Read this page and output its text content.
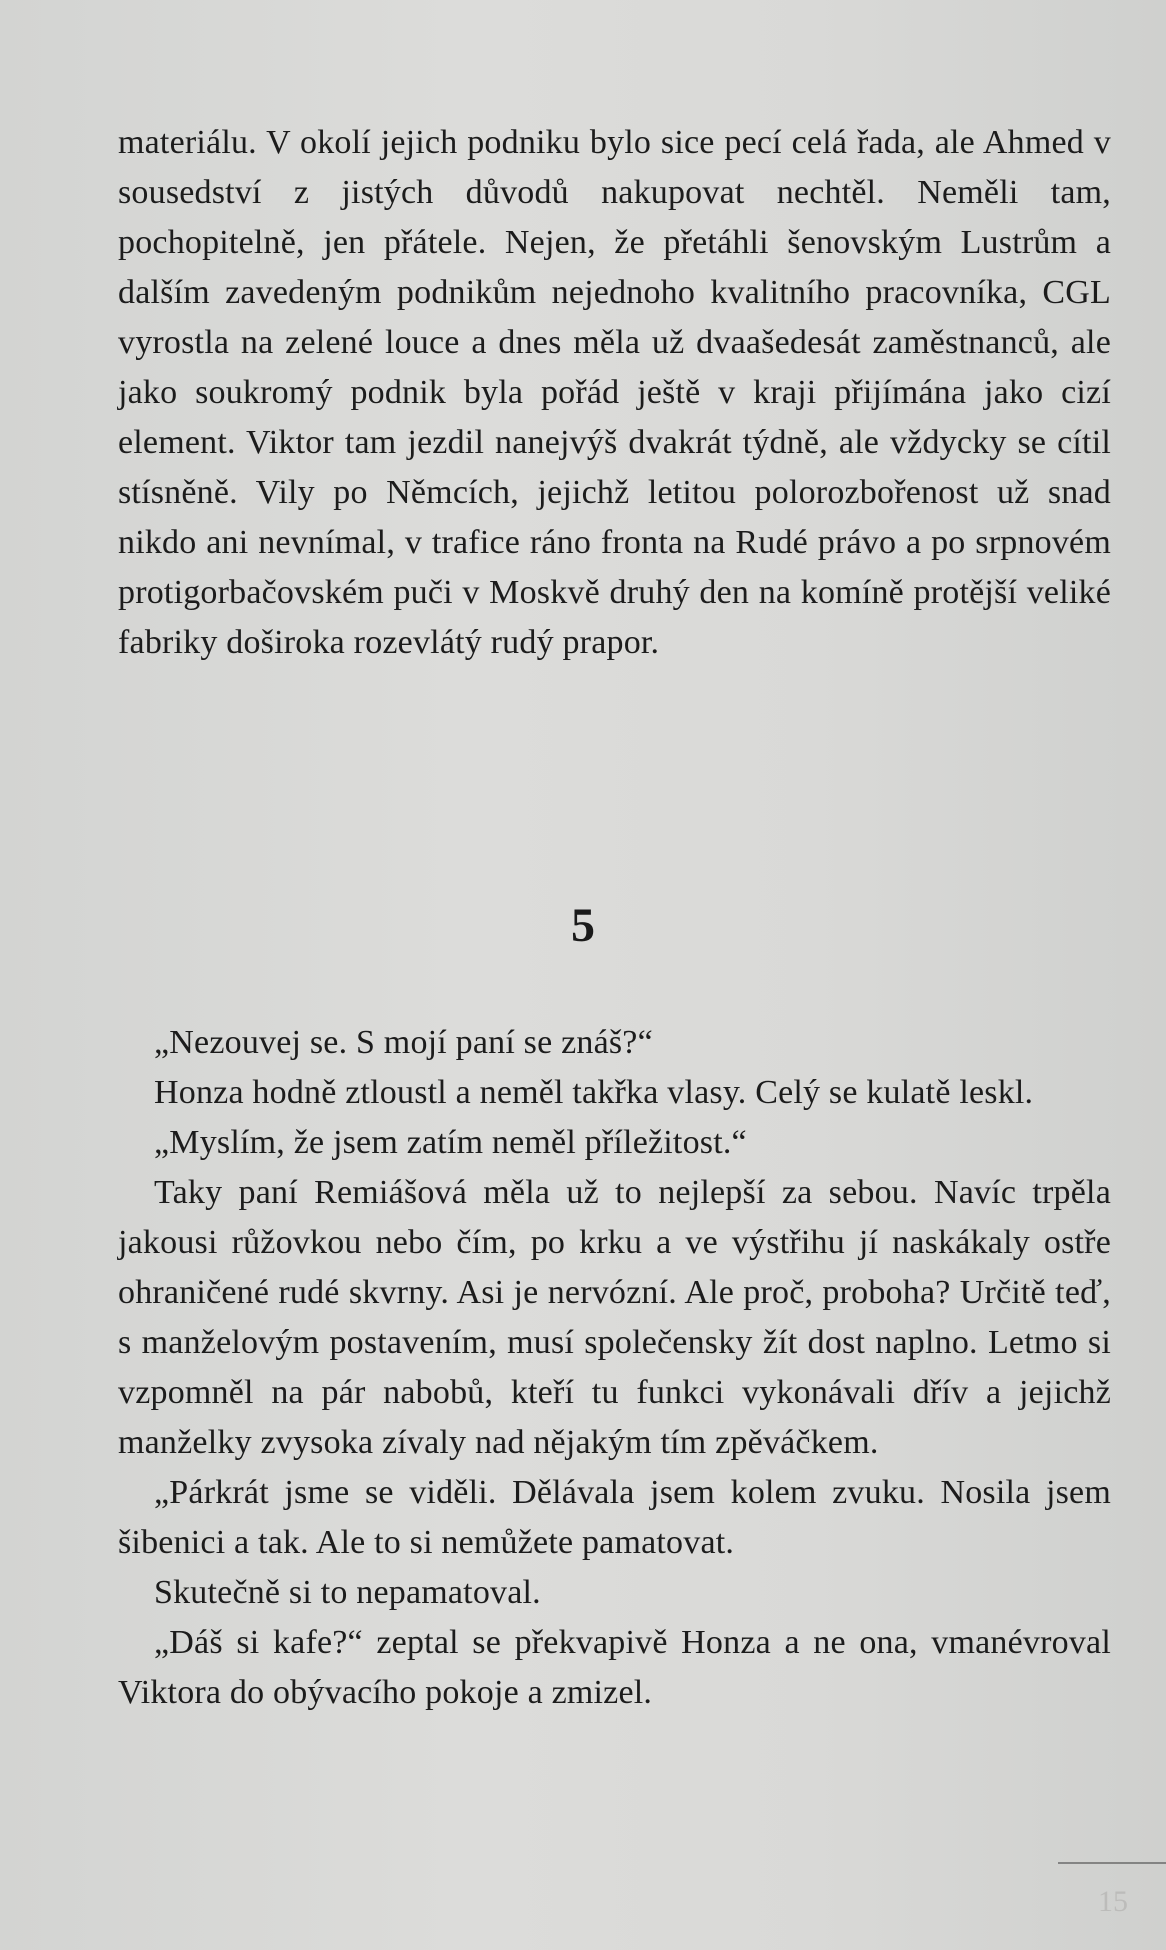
materiálu. V okolí jejich podniku bylo sice pecí celá řada, ale Ahmed v sousedství z jistých důvodů nakupovat nechtěl. Neměli tam, pochopitelně, jen přátele. Nejen, že přetáhli šenovským Lustrům a dalším zavedeným podnikům nejednoho kvalitního pracovníka, CGL vyrostla na zelené louce a dnes měla už dvaašedesát zaměstnanců, ale jako soukromý podnik byla pořád ještě v kraji přijímána jako cizí element. Viktor tam jezdil nanejvýš dvakrát týdně, ale vždycky se cítil stísněně. Vily po Němcích, jejichž letitou polorozbořenost už snad nikdo ani nevnímal, v trafice ráno fronta na Rudé právo a po srpnovém protigorbačovském puči v Moskvě druhý den na komíně protější veliké fabriky doširoka rozevlátý rudý prapor.

5

„Nezouvej se. S mojí paní se znáš?“

Honza hodně ztloustl a neměl takřka vlasy. Celý se kulatě leskl.

„Myslím, že jsem zatím neměl příležitost.“

Taky paní Remiášová měla už to nejlepší za sebou. Navíc trpěla jakousi růžovkou nebo čím, po krku a ve výstřihu jí naskákaly ostře ohraničené rudé skvrny. Asi je nervózní. Ale proč, proboha? Určitě teď, s manželovým postavením, musí společensky žít dost naplno. Letmo si vzpomněl na pár nabobů, kteří tu funkci vykonávali dřív a jejichž manželky zvysoka zívaly nad nějakým tím zpěváčkem.

„Párkrát jsme se viděli. Dělávala jsem kolem zvuku. Nosila jsem šibenici a tak. Ale to si nemůžete pamatovat.

Skutečně si to nepamatoval.

„Dáš si kafe?“ zeptal se překvapivě Honza a ne ona, vmanévroval Viktora do obývacího pokoje a zmizel.

15
